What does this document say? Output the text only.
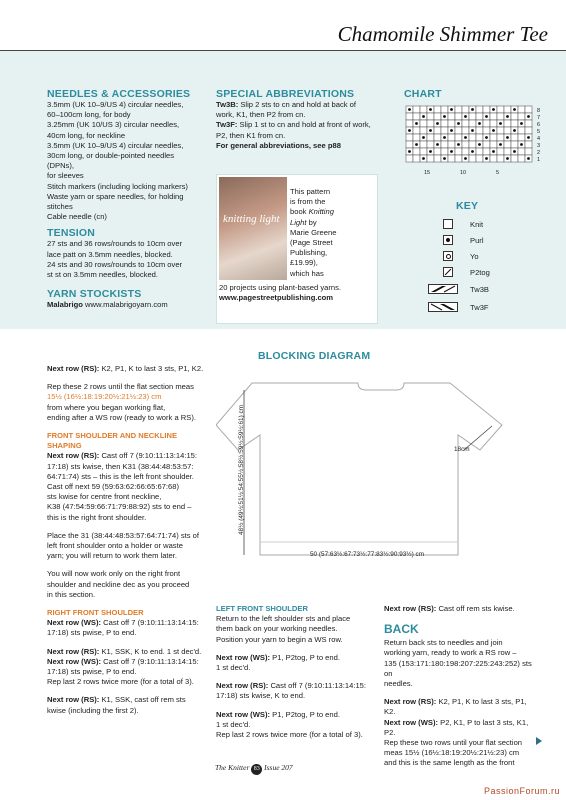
Chamomile Shimmer Tee
NEEDLES & ACCESSORIES
3.5mm (UK 10–9/US 4) circular needles,
60–100cm long, for body
3.25mm (UK 10/US 3) circular needles,
40cm long, for neckline
3.5mm (UK 10–9/US 4) circular needles,
30cm long, or double-pointed needles (DPNs),
for sleeves
Stitch markers (including locking markers)
Waste yarn or spare needles, for holding
stitches
Cable needle (cn)
TENSION
27 sts and 36 rows/rounds to 10cm over
lace patt on 3.5mm needles, blocked.
24 sts and 30 rows/rounds to 10cm over
st st on 3.5mm needles, blocked.
YARN STOCKISTS
Malabrigo www.malabrigoyarn.com
SPECIAL ABBREVIATIONS
Tw3B: Slip 2 sts to cn and hold at back of
work, K1, then P2 from cn.
Tw3F: Slip 1 st to cn and hold at front of work,
P2, then K1 from cn.
For general abbreviations, see p88
knitting light
This pattern
is from the
book Knitting
Light by
Marie Greene
(Page Street
Publishing,
£19.99),
which has
20 projects using plant-based yarns.
www.pagestreetpublishing.com
CHART
8
7
6
5
4
3
2
1
15	10	5
KEY
Knit
Purl
Yo
P2tog
Tw3B
Tw3F

Next row (RS): K2, P1, K to last 3 sts, P1, K2.

Rep these 2 rows until the flat section meas
15½ (16½:18:19:20½:21½:23) cm
from where you began working flat,
ending after a WS row (ready to work a RS).

FRONT SHOULDER AND NECKLINE SHAPING

Next row (RS): Cast off 7 (9:10:11:13:14:15:
17:18) sts kwise, then K31 (38:44:48:53:57:
64:71:74) sts – this is the left front shoulder.
Cast off next 59 (59:63:62:66:65:67:68)
sts kwise for centre front neckline,
K38 (47:54:59:66:71:79:88:92) sts to end –
this is the right front shoulder.

Place the 31 (38:44:48:53:57:64:71:74) sts of
left front shoulder onto a holder or waste
yarn; you will return to work them later.

You will now work only on the right front
shoulder and neckline dec as you proceed
in this section.

RIGHT FRONT SHOULDER

Next row (WS): Cast off 7 (9:10:11:13:14:15:
17:18) sts pwise, P to end.

Next row (RS): K1, SSK, K to end. 1 st dec'd.

Next row (WS): Cast off 7 (9:10:11:13:14:15:
17:18) sts pwise, P to end.
Rep last 2 rows twice more (for a total of 3).

Next row (RS): K1, SSK, cast off rem sts
kwise (including the first 2).

BLOCKING DIAGRAM
48½ (49½:51½:54:55½:58½:59½:59½:61) cm
50 (57:63½:67:73½:77:83½:90:93½) cm
18cm

LEFT FRONT SHOULDER

Return to the left shoulder sts and place
them back on your working needles.
Position your yarn to begin a WS row.

Next row (WS): P1, P2tog, P to end.
1 st dec'd.

Next row (RS): Cast off 7 (9:10:11:13:14:15:
17:18) sts kwise, K to end.

Next row (WS): P1, P2tog, P to end.
1 st dec'd.
Rep last 2 rows twice more (for a total of 3).

Next row (RS): Cast off rem sts kwise.

BACK

Return back sts to needles and join
working yarn, ready to work a RS row –
135 (153:171:180:198:207:225:243:252) sts on
needles.

Next row (RS): K2, P1, K to last 3 sts, P1, K2.

Next row (WS): P2, K1, P to last 3 sts, K1, P2.
Rep these two rows until your flat section
meas 15½ (16½:18:19:20½:21½:23) cm
and this is the same length as the front

The Knitter 83 Issue 207
PassionForum.ru
